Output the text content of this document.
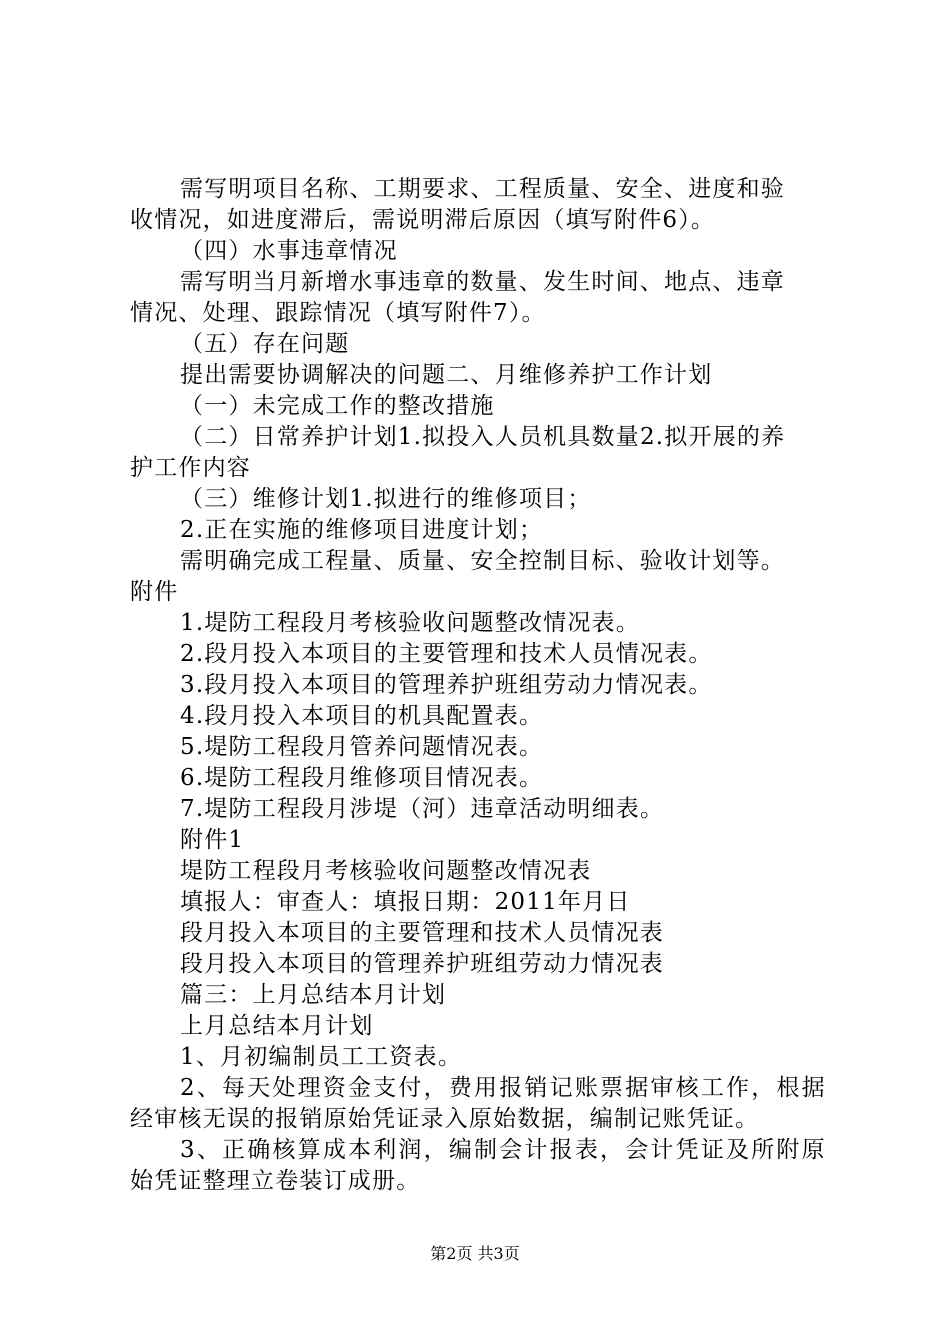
需写明项目名称、工期要求、工程质量、安全、进度和验
收情况，如进度滞后，需说明滞后原因（填写附件6）。
（四）水事违章情况
需写明当月新增水事违章的数量、发生时间、地点、违章
情况、处理、跟踪情况（填写附件7）。
（五）存在问题
提出需要协调解决的问题二、月维修养护工作计划
（一）未完成工作的整改措施
（二）日常养护计划1.拟投入人员机具数量2.拟开展的养
护工作内容
（三）维修计划1.拟进行的维修项目；
2.正在实施的维修项目进度计划；
需明确完成工程量、质量、安全控制目标、验收计划等。
附件
1.堤防工程段月考核验收问题整改情况表。
2.段月投入本项目的主要管理和技术人员情况表。
3.段月投入本项目的管理养护班组劳动力情况表。
4.段月投入本项目的机具配置表。
5.堤防工程段月管养问题情况表。
6.堤防工程段月维修项目情况表。
7.堤防工程段月涉堤（河）违章活动明细表。
附件1
堤防工程段月考核验收问题整改情况表
填报人：审查人：填报日期：2011年月日
段月投入本项目的主要管理和技术人员情况表
段月投入本项目的管理养护班组劳动力情况表
篇三：上月总结本月计划
上月总结本月计划
1、月初编制员工工资表。
2、每天处理资金支付，费用报销记账票据审核工作，根据
经审核无误的报销原始凭证录入原始数据，编制记账凭证。
3、正确核算成本利润，编制会计报表，会计凭证及所附原
始凭证整理立卷装订成册。
第2页 共3页
